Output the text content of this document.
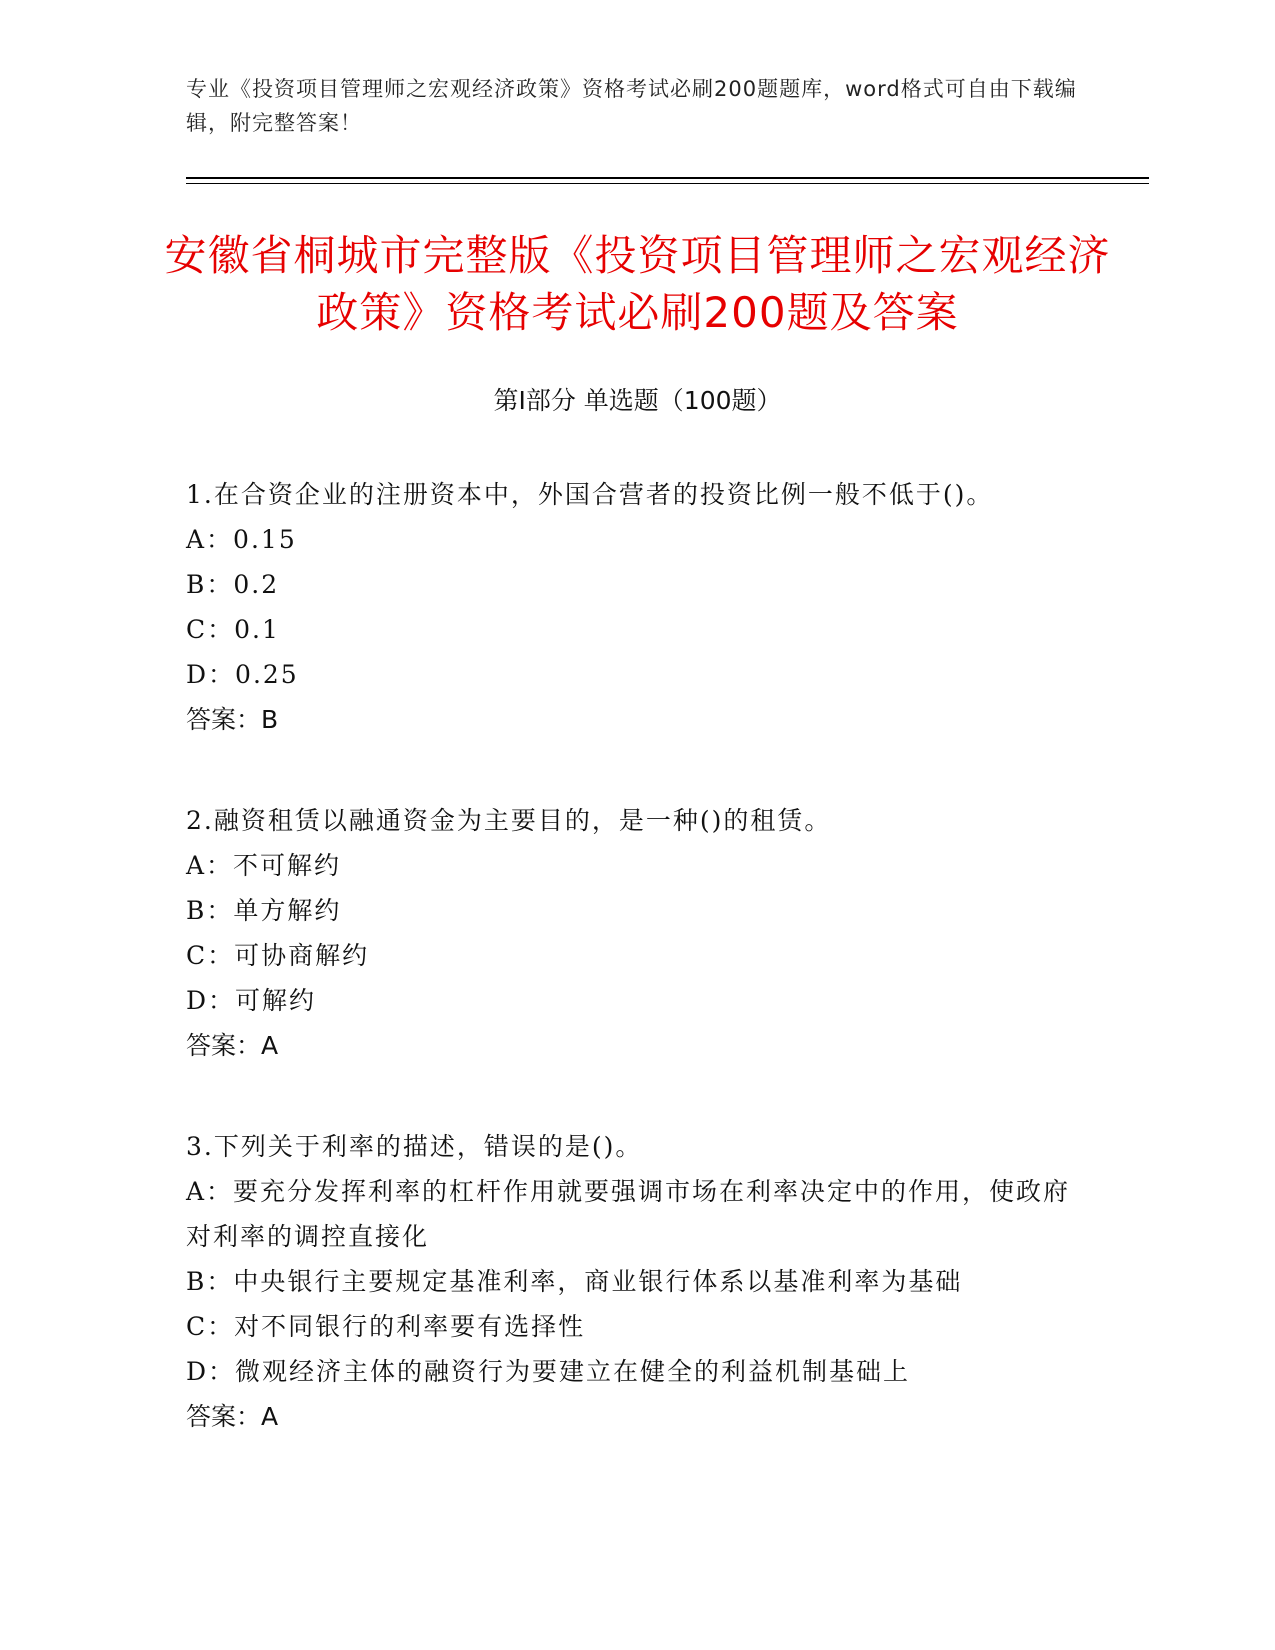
专业《投资项目管理师之宏观经济政策》资格考试必刷200题题库，word格式可自由下载编辑，附完整答案！
安徽省桐城市完整版《投资项目管理师之宏观经济政策》资格考试必刷200题及答案
第Ⅰ部分 单选题（100题）
1.在合资企业的注册资本中，外国合营者的投资比例一般不低于()。
A：0.15
B：0.2
C：0.1
D：0.25
答案：B
2.融资租赁以融通资金为主要目的，是一种()的租赁。
A：不可解约
B：单方解约
C：可协商解约
D：可解约
答案：A
3.下列关于利率的描述，错误的是()。
A：要充分发挥利率的杠杆作用就要强调市场在利率决定中的作用，使政府对利率的调控直接化
B：中央银行主要规定基准利率，商业银行体系以基准利率为基础
C：对不同银行的利率要有选择性
D：微观经济主体的融资行为要建立在健全的利益机制基础上
答案：A
